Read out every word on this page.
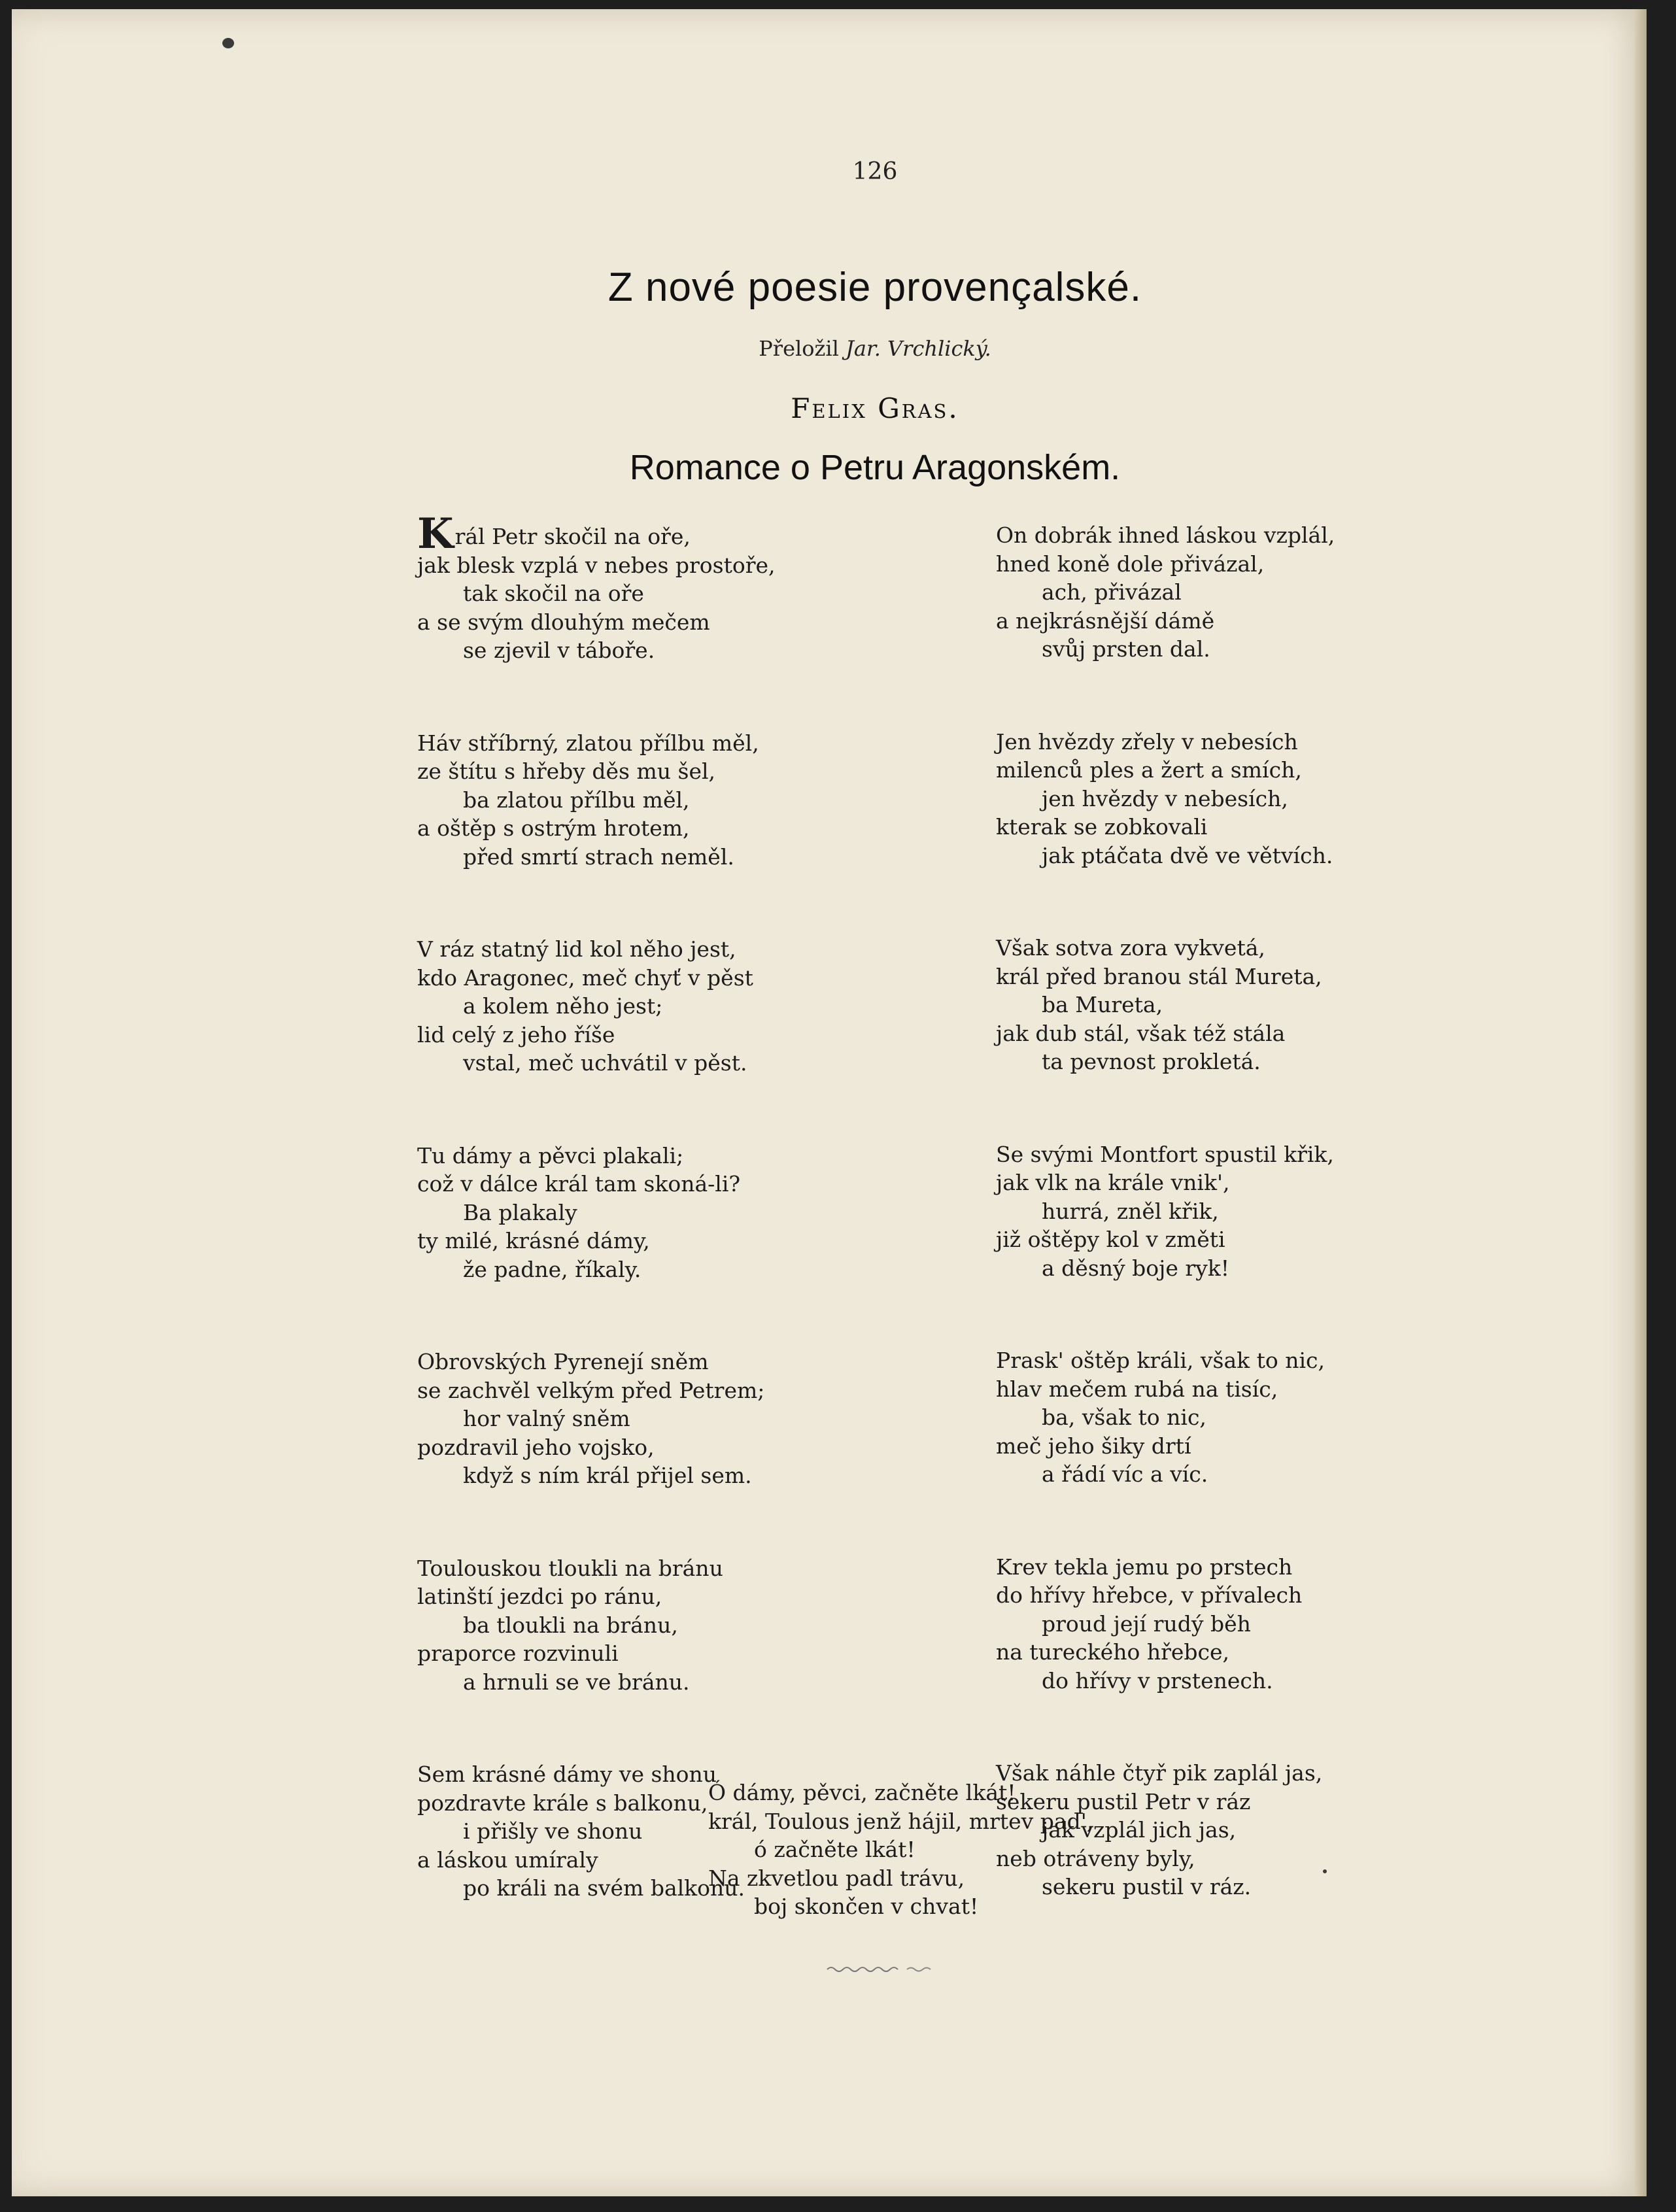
126
Z nové poesie provençalské.
Přeložil Jar. Vrchlický.
Felix Gras.
Romance o Petru Aragonském.
Král Petr skočil na oře,
jak blesk vzplá v nebes prostoře,
tak skočil na oře
a se svým dlouhým mečem
se zjevil v táboře.
Háv stříbrný, zlatou přílbu měl,
ze štítu s hřeby děs mu šel,
ba zlatou přílbu měl,
a oštěp s ostrým hrotem,
před smrtí strach neměl.
V ráz statný lid kol něho jest,
kdo Aragonec, meč chyť v pěst
a kolem něho jest;
lid celý z jeho říše
vstal, meč uchvátil v pěst.
Tu dámy a pěvci plakali;
což v dálce král tam skoná-li?
Ba plakaly
ty milé, krásné dámy,
že padne, říkaly.
Obrovských Pyrenejí sněm
se zachvěl velkým před Petrem;
hor valný sněm
pozdravil jeho vojsko,
když s ním král přijel sem.
Toulouskou tloukli na bránu
latinští jezdci po ránu,
ba tloukli na bránu,
praporce rozvinuli
a hrnuli se ve bránu.
Sem krásné dámy ve shonu
pozdravte krále s balkonu,
i přišly ve shonu
a láskou umíraly
po králi na svém balkonu.
On dobrák ihned láskou vzplál,
hned koně dole přivázal,
ach, přivázal
a nejkrásnější dámě
svůj prsten dal.
Jen hvězdy zřely v nebesích
milenců ples a žert a smích,
jen hvězdy v nebesích,
kterak se zobkovali
jak ptáčata dvě ve větvích.
Však sotva zora vykvetá,
král před branou stál Mureta,
ba Mureta,
jak dub stál, však též stála
ta pevnost prokletá.
Se svými Montfort spustil křik,
jak vlk na krále vnik',
hurrá, zněl křik,
již oštěpy kol v změti
a děsný boje ryk!
Prask' oštěp králi, však to nic,
hlav mečem rubá na tisíc,
ba, však to nic,
meč jeho šiky drtí
a řádí víc a víc.
Krev tekla jemu po prstech
do hřívy hřebce, v přívalech
proud její rudý běh
na tureckého hřebce,
do hřívy v prstenech.
Však náhle čtyř pik zaplál jas,
sekeru pustil Petr v ráz
jak vzplál jich jas,
neb otráveny byly,
sekeru pustil v ráz.
Ó dámy, pěvci, začněte lkát!
král, Toulous jenž hájil, mrtev pad',
ó začněte lkát!
Na zkvetlou padl trávu,
boj skončen v chvat!
